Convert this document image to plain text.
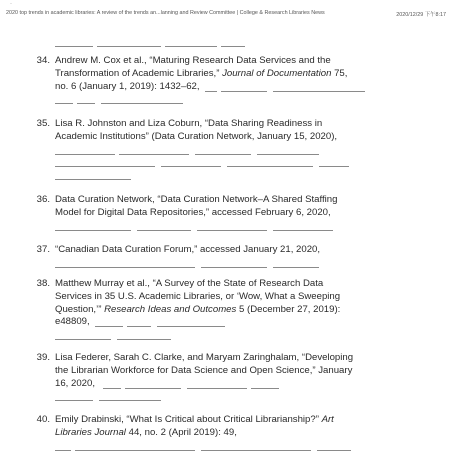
·
2020 top trends in academic libraries: A review of the trends an...lanning and Review Committee | College & Research Libraries News	2020/12/29 下午8:17
34. Andrew M. Cox et al., “Maturing Research Data Services and the
Transformation of Academic Libraries,” Journal of Documentation 75,
no. 6 (January 1, 2019): 1432–62,
35. Lisa R. Johnston and Liza Coburn, “Data Sharing Readiness in
Academic Institutions” (Data Curation Network, January 15, 2020),
36. Data Curation Network, “Data Curation Network–A Shared Staffing
Model for Digital Data Repositories,” accessed February 6, 2020,
37. “Canadian Data Curation Forum,” accessed January 21, 2020,
38. Matthew Murray et al., “A Survey of the State of Research Data
Services in 35 U.S. Academic Libraries, or ‘Wow, What a Sweeping
Question,’” Research Ideas and Outcomes 5 (December 27, 2019):
e48809,
39. Lisa Federer, Sarah C. Clarke, and Maryam Zaringhalam, “Developing
the Librarian Workforce for Data Science and Open Science,” January
16, 2020,
40. Emily Drabinski, “What Is Critical about Critical Librarianship?” Art
Libraries Journal 44, no. 2 (April 2019): 49,
